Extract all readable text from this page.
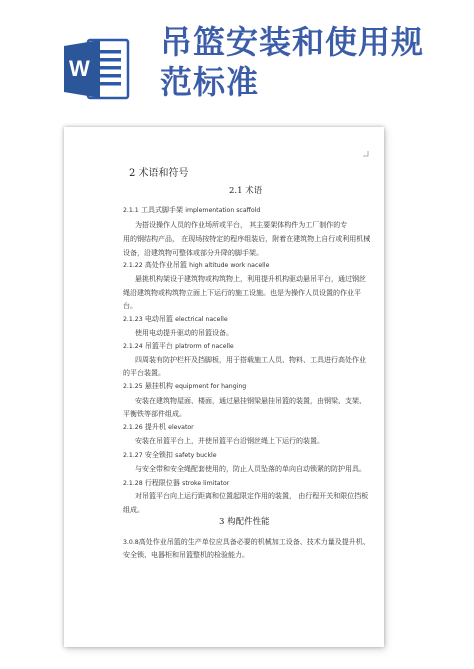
W
吊篮安装和使用规
范标准
2 术语和符号
2.1 术语
2.1.1 工具式脚手架 implementation scaffold
为搭设操作人员的作业场所或平台， 其主要架体构件为工厂制作的专
用的钢结构产品， 在现场按特定的程序组装后，附着在建筑物上自行或利用机械
设备，沿建筑物可整体或部分升降的脚手架。
2.1.22 高处作业吊篮 high altitude work nacelle
悬挑机构架设于建筑物或构筑物上，利用提升机构驱动悬吊平台，通过钢丝
绳沿建筑物或构筑物立面上下运行的施工设施。也是为操作人员设置的作业平
台。
2.1.23 电动吊篮 electrical nacelle
使用电动提升驱动的吊篮设备。
2.1.24 吊篮平台 platrorm of nacelle
四周装有防护栏杆及挡脚板，用于搭载施工人员、物料、工具进行高处作业
的平台装置。
2.1.25 悬挂机构 equipment for hanging
安装在建筑物屋面、楼面，通过悬挂钢梁悬挂吊篮的装置，由钢梁、支架、
平衡铁等部件组成。
2.1.26 提升机 elevator
安装在吊篮平台上，并使吊篮平台沿钢丝绳上下运行的装置。
2.1.27 安全锁扣 safety buckle
与安全带和安全绳配套使用的，防止人员坠落的单向自动锁紧的防护用具。
2.1.28 行程限位器 stroke limitator
对吊篮平台向上运行距离和位置起限定作用的装置， 由行程开关和限位挡板
组成。
3 构配件性能
3.0.8高处作业吊篮的生产单位应具备必要的机械加工设备、技术力量及提升机、
安全锁、电器柜和吊篮整机的检验能力。
